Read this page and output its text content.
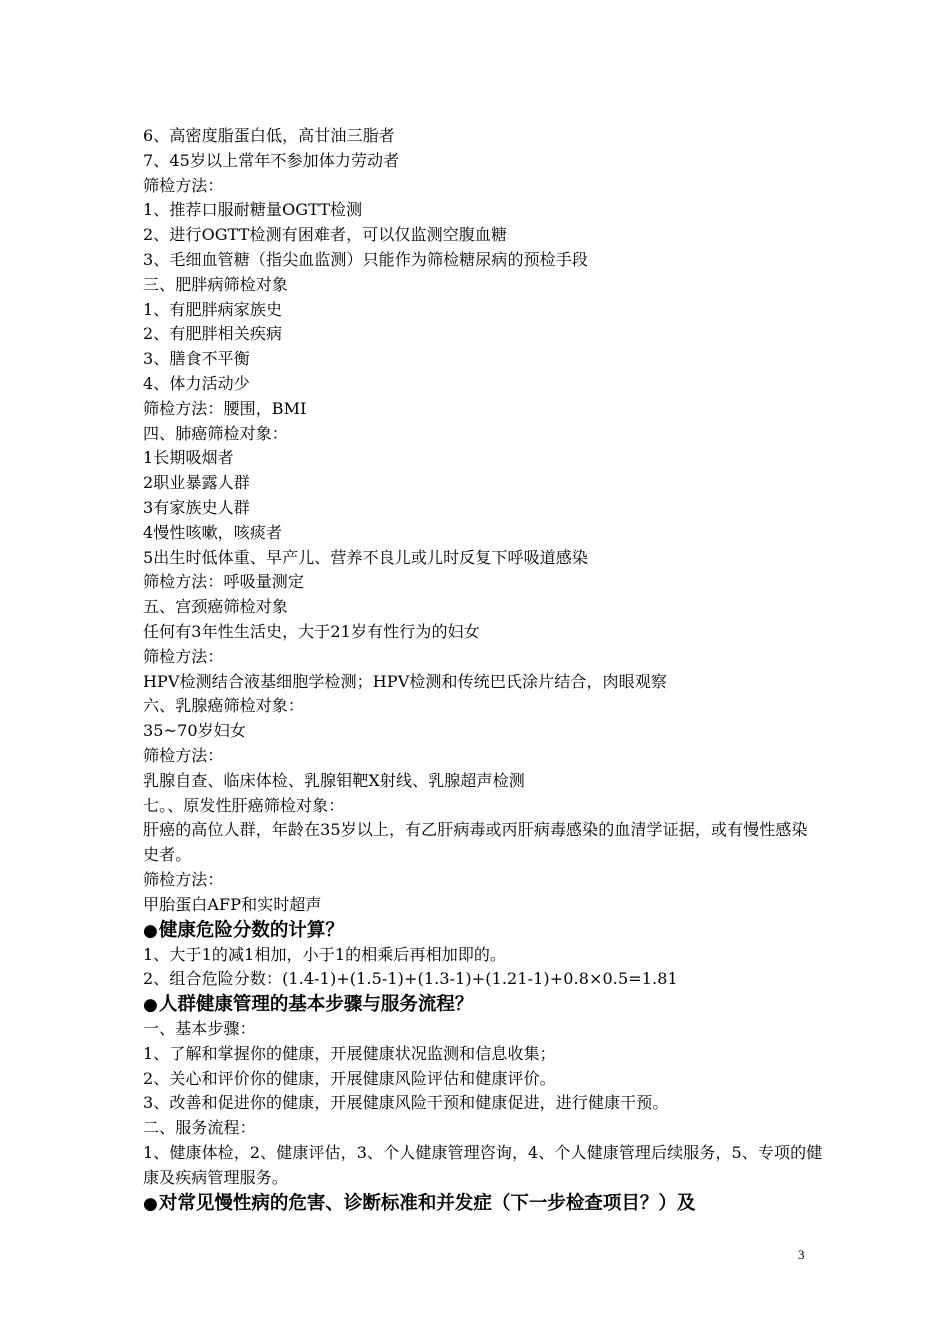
6、高密度脂蛋白低，高甘油三脂者
7、45岁以上常年不参加体力劳动者
筛检方法：
1、推荐口服耐糖量OGTT检测
2、进行OGTT检测有困难者，可以仅监测空腹血糖
3、毛细血管糖（指尖血监测）只能作为筛检糖尿病的预检手段
三、肥胖病筛检对象
1、有肥胖病家族史
2、有肥胖相关疾病
3、膳食不平衡
4、体力活动少
筛检方法：腰围，BMI
四、肺癌筛检对象：
1长期吸烟者
2职业暴露人群
3有家族史人群
4慢性咳嗽，咳痰者
5出生时低体重、早产儿、营养不良儿或儿时反复下呼吸道感染
筛检方法：呼吸量测定
五、宫颈癌筛检对象
任何有3年性生活史，大于21岁有性行为的妇女
筛检方法：
HPV检测结合液基细胞学检测；HPV检测和传统巴氏涂片结合，肉眼观察
六、乳腺癌筛检对象：
35~70岁妇女
筛检方法：
乳腺自查、临床体检、乳腺钼靶X射线、乳腺超声检测
七。、原发性肝癌筛检对象：
肝癌的高位人群，年龄在35岁以上，有乙肝病毒或丙肝病毒感染的血清学证据，或有慢性感染史者。
筛检方法：
甲胎蛋白AFP和实时超声
●健康危险分数的计算？
1、大于1的减1相加，小于1的相乘后再相加即的。
2、组合危险分数：(1.4-1)+(1.5-1)+(1.3-1)+(1.21-1)+0.8×0.5=1.81
●人群健康管理的基本步骤与服务流程？
一、基本步骤：
1、了解和掌握你的健康，开展健康状况监测和信息收集；
2、关心和评价你的健康，开展健康风险评估和健康评价。
3、改善和促进你的健康，开展健康风险干预和健康促进，进行健康干预。
二、服务流程：
1、健康体检，2、健康评估，3、个人健康管理咨询，4、个人健康管理后续服务，5、专项的健康及疾病管理服务。
●对常见慢性病的危害、诊断标准和并发症（下一步检查项目？）及
3
